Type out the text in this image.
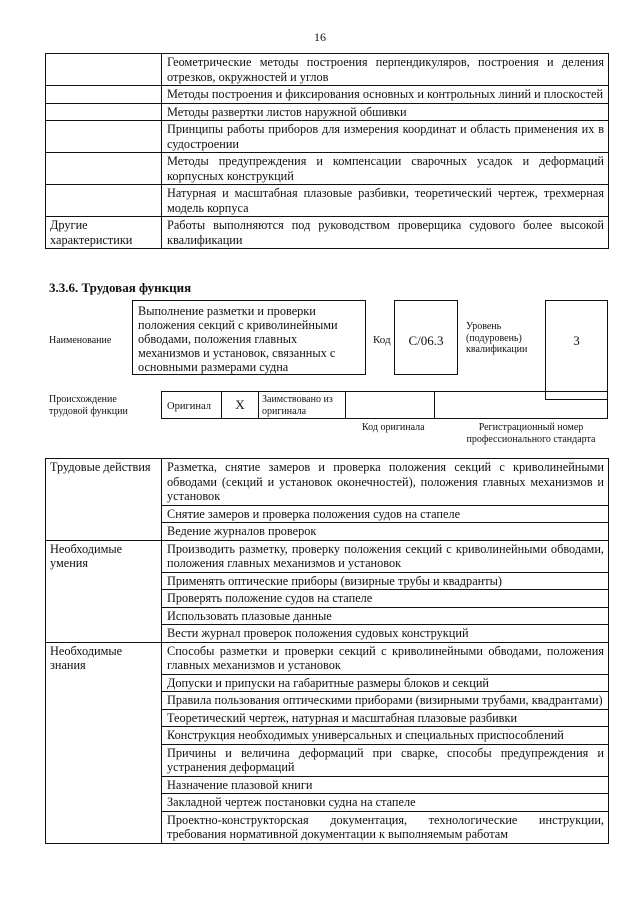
16
	Геометрические методы построения перпендикуляров, построения и деления отрезков, окружностей и углов
	Методы построения и фиксирования основных и контрольных линий и плоскостей
	Методы развертки листов наружной обшивки
	Принципы работы приборов для измерения координат и область применения их в судостроении
	Методы предупреждения и компенсации сварочных усадок и деформаций корпусных конструкций
	Натурная и масштабная плазовые разбивки, теоретический чертеж, трехмерная модель корпуса
Другие характеристики	Работы выполняются под руководством проверщика судового более высокой квалификации
3.3.6. Трудовая функция
Наименование
Выполнение разметки и проверки положения секций с криволинейными обводами, положения главных механизмов и установок, связанных с основными размерами судна
Код	C/06.3
Уровень (подуровень) квалификации
3
Происхождение трудовой функции	Оригинал	X	Заимствовано из оригинала
Код оригинала	Регистрационный номер профессионального стандарта
Трудовые действия	Разметка, снятие замеров и проверка положения секций с криволинейными обводами (секций и установок оконечностей), положения главных механизмов и установок
	Снятие замеров и проверка положения судов на стапеле
	Ведение журналов проверок
Необходимые умения	Производить разметку, проверку положения секций с криволинейными обводами, положения главных механизмов и установок
	Применять оптические приборы (визирные трубы и квадранты)
	Проверять положение судов на стапеле
	Использовать плазовые данные
	Вести журнал проверок положения судовых конструкций
Необходимые знания	Способы разметки и проверки секций с криволинейными обводами, положения главных механизмов и установок
	Допуски и припуски на габаритные размеры блоков и секций
	Правила пользования оптическими приборами (визирными трубами, квадрантами)
	Теоретический чертеж, натурная и масштабная плазовые разбивки
	Конструкция необходимых универсальных и специальных приспособлений
	Причины и величина деформаций при сварке, способы предупреждения и устранения деформаций
	Назначение плазовой книги
	Закладной чертеж постановки судна на стапеле
	Проектно-конструкторская документация, технологические инструкции, требования нормативной документации к выполняемым работам
